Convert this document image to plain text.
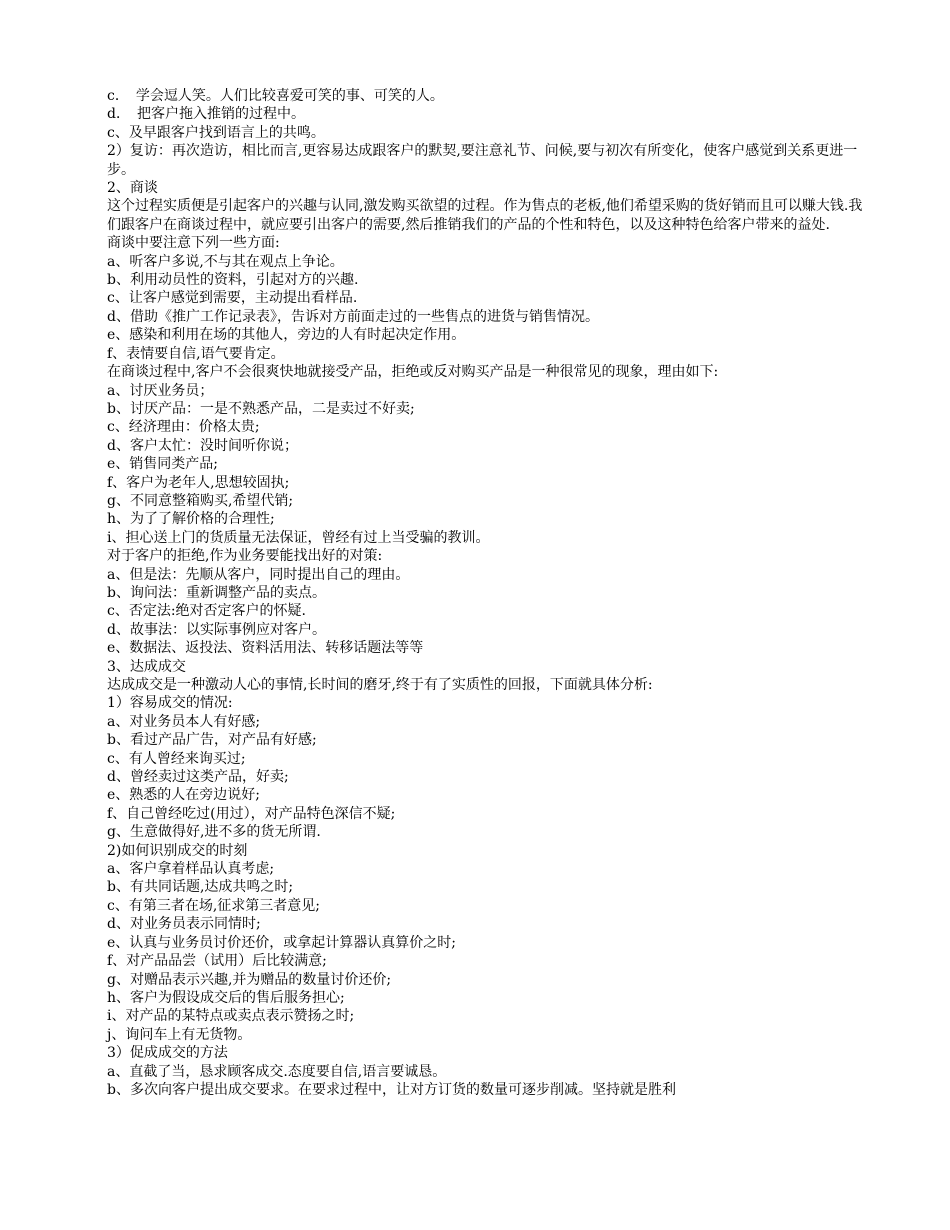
c．　学会逗人笑。人们比较喜爱可笑的事、可笑的人。

d．　把客户拖入推销的过程中。

c、及早跟客户找到语言上的共鸣。

2）复访：再次造访，相比而言,更容易达成跟客户的默契,要注意礼节、问候,要与初次有所变化，使客户感觉到关系更进一步。

2、商谈

这个过程实质便是引起客户的兴趣与认同,激发购买欲望的过程。作为售点的老板,他们希望采购的货好销而且可以赚大钱.我们跟客户在商谈过程中，就应要引出客户的需要,然后推销我们的产品的个性和特色，以及这种特色给客户带来的益处.

商谈中要注意下列一些方面:

a、听客户多说,不与其在观点上争论。

b、利用动员性的资料，引起对方的兴趣.

c、让客户感觉到需要，主动提出看样品.

d、借助《推广工作记录表》，告诉对方前面走过的一些售点的进货与销售情况。

e、感染和利用在场的其他人，旁边的人有时起决定作用。

f、表情要自信,语气要肯定。

在商谈过程中,客户不会很爽快地就接受产品，拒绝或反对购买产品是一种很常见的现象，理由如下:

a、讨厌业务员；

b、讨厌产品：一是不熟悉产品，二是卖过不好卖;

c、经济理由：价格太贵;

d、客户太忙：没时间听你说；

e、销售同类产品;

f、客户为老年人,思想较固执;

g、不同意整箱购买,希望代销;

h、为了了解价格的合理性;

i、担心送上门的货质量无法保证，曾经有过上当受骗的教训。

对于客户的拒绝,作为业务要能找出好的对策:

a、但是法：先顺从客户，同时提出自己的理由。

b、询问法：重新调整产品的卖点。

c、否定法:绝对否定客户的怀疑.

d、故事法：以实际事例应对客户。

e、数据法、返投法、资料活用法、转移话题法等等

3、达成成交

达成成交是一种激动人心的事情,长时间的磨牙,终于有了实质性的回报，下面就具体分析:

1）容易成交的情况:

a、对业务员本人有好感;

b、看过产品广告，对产品有好感;

c、有人曾经来询买过;

d、曾经卖过这类产品，好卖;

e、熟悉的人在旁边说好;

f、自己曾经吃过(用过），对产品特色深信不疑;

g、生意做得好,进不多的货无所谓.

2)如何识别成交的时刻

a、客户拿着样品认真考虑;

b、有共同话题,达成共鸣之时;

c、有第三者在场,征求第三者意见;

d、对业务员表示同情时;

e、认真与业务员讨价还价，或拿起计算器认真算价之时;

f、对产品品尝（试用）后比较满意;

g、对赠品表示兴趣,并为赠品的数量讨价还价;

h、客户为假设成交后的售后服务担心;

i、对产品的某特点或卖点表示赞扬之时;

j、询问车上有无货物。

3）促成成交的方法

a、直截了当，恳求顾客成交.态度要自信,语言要诚恳。

b、多次向客户提出成交要求。在要求过程中，让对方订货的数量可逐步削减。坚持就是胜利
